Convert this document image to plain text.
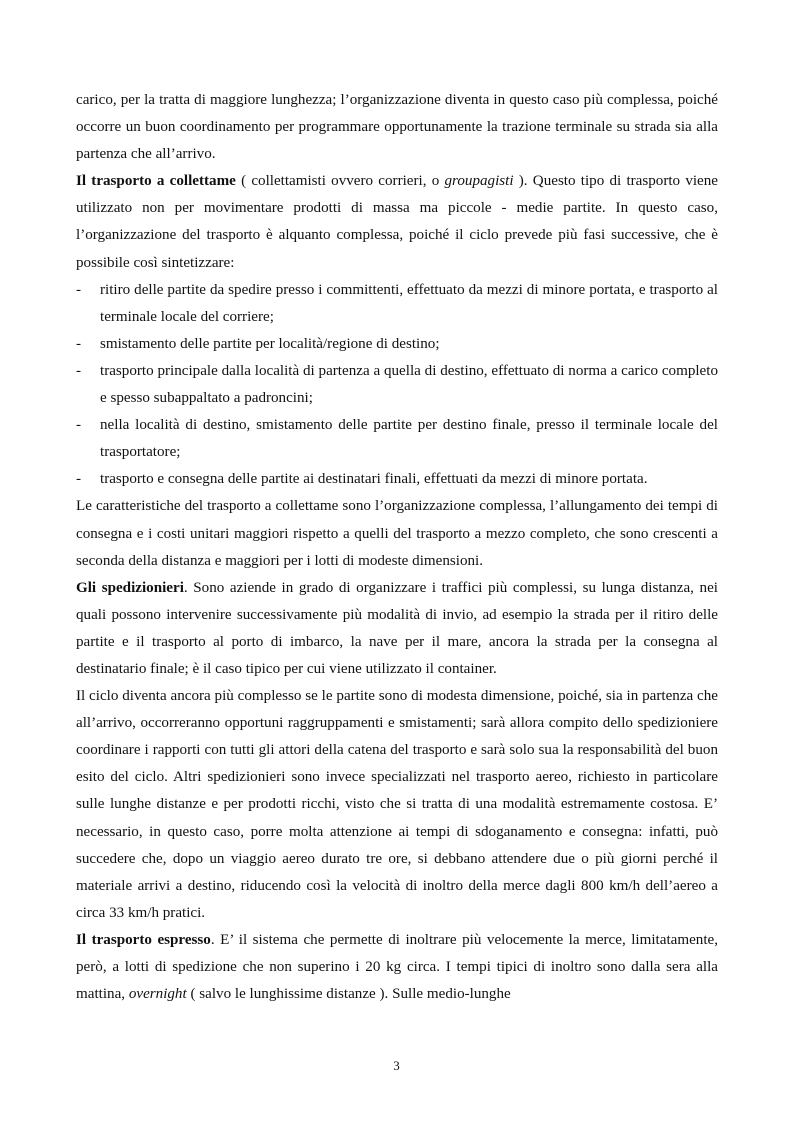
carico, per la tratta di maggiore lunghezza; l’organizzazione diventa in questo caso più complessa, poiché occorre un buon coordinamento per programmare opportunamente la trazione terminale su strada sia alla partenza che all’arrivo.

Il trasporto a collettame ( collettamisti ovvero corrieri, o groupagisti ). Questo tipo di trasporto viene utilizzato non per movimentare prodotti di massa ma piccole - medie partite. In questo caso, l’organizzazione del trasporto è alquanto complessa, poiché il ciclo prevede più fasi successive, che è possibile così sintetizzare:

- ritiro delle partite da spedire presso i committenti, effettuato da mezzi di minore portata, e trasporto al terminale locale del corriere;
- smistamento delle partite per località/regione di destino;
- trasporto principale dalla località di partenza a quella di destino, effettuato di norma a carico completo e spesso subappaltato a padroncini;
- nella località di destino, smistamento delle partite per destino finale, presso il terminale locale del trasportatore;
- trasporto e consegna delle partite ai destinatari finali, effettuati da mezzi di minore portata.

Le caratteristiche del trasporto a collettame sono l’organizzazione complessa, l’allungamento dei tempi di consegna e i costi unitari maggiori rispetto a quelli del trasporto a mezzo completo, che sono crescenti a seconda della distanza e maggiori per i lotti di modeste dimensioni.

Gli spedizionieri. Sono aziende in grado di organizzare i traffici più complessi, su lunga distanza, nei quali possono intervenire successivamente più modalità di invio, ad esempio la strada per il ritiro delle partite e il trasporto al porto di imbarco, la nave per il mare, ancora la strada per la consegna al destinatario finale; è il caso tipico per cui viene utilizzato il container.

Il ciclo diventa ancora più complesso se le partite sono di modesta dimensione, poiché, sia in partenza che all’arrivo, occorreranno opportuni raggruppamenti e smistamenti; sarà allora compito dello spedizioniere coordinare i rapporti con tutti gli attori della catena del trasporto e sarà solo sua la responsabilità del buon esito del ciclo. Altri spedizionieri sono invece specializzati nel trasporto aereo, richiesto in particolare sulle lunghe distanze e per prodotti ricchi, visto che si tratta di una modalità estremamente costosa. E’ necessario, in questo caso, porre molta attenzione ai tempi di sdoganamento e consegna: infatti, può succedere che, dopo un viaggio aereo durato tre ore, si debbano attendere due o più giorni perché il materiale arrivi a destino, riducendo così la velocità di inoltro della merce dagli 800 km/h dell’aereo a circa 33 km/h pratici.

Il trasporto espresso. E’ il sistema che permette di inoltrare più velocemente la merce, limitatamente, però, a lotti di spedizione che non superino i 20 kg circa. I tempi tipici di inoltro sono dalla sera alla mattina, overnight ( salvo le lunghissime distanze ). Sulle medio-lunghe

3
